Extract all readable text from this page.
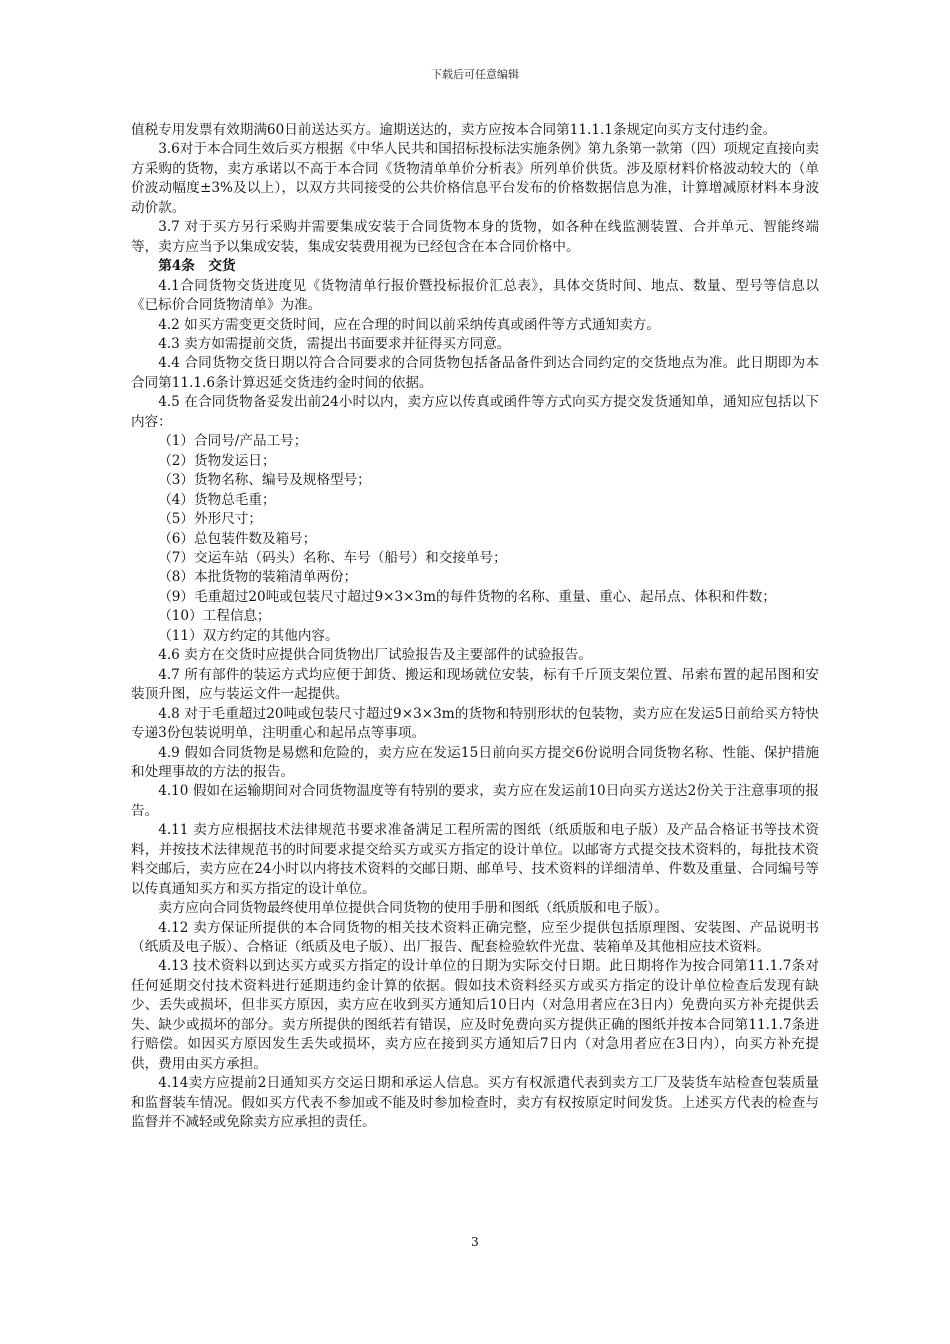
下载后可任意编辑

值税专用发票有效期满60日前送达买方。逾期送达的，卖方应按本合同第11.1.1条规定向买方支付违约金。

3.6对于本合同生效后买方根据《中华人民共和国招标投标法实施条例》第九条第一款第（四）项规定直接向卖方采购的货物，卖方承诺以不高于本合同《货物清单单价分析表》所列单价供货。涉及原材料价格波动较大的（单价波动幅度±3%及以上），以双方共同接受的公共价格信息平台发布的价格数据信息为准，计算增减原材料本身波动价款。

3.7 对于买方另行采购并需要集成安装于合同货物本身的货物，如各种在线监测装置、合并单元、智能终端等，卖方应当予以集成安装，集成安装费用视为已经包含在本合同价格中。

第4条　交货

4.1合同货物交货进度见《货物清单行报价暨投标报价汇总表》，具体交货时间、地点、数量、型号等信息以《已标价合同货物清单》为准。

4.2 如买方需变更交货时间，应在合理的时间以前采纳传真或函件等方式通知卖方。

4.3 卖方如需提前交货，需提出书面要求并征得买方同意。

4.4 合同货物交货日期以符合合同要求的合同货物包括备品备件到达合同约定的交货地点为准。此日期即为本合同第11.1.6条计算迟延交货违约金时间的依据。

4.5 在合同货物备妥发出前24小时以内，卖方应以传真或函件等方式向买方提交发货通知单，通知应包括以下内容：

（1）合同号/产品工号；

（2）货物发运日；

（3）货物名称、编号及规格型号；

（4）货物总毛重；

（5）外形尺寸；

（6）总包装件数及箱号；

（7）交运车站（码头）名称、车号（船号）和交接单号；

（8）本批货物的装箱清单两份；

（9）毛重超过20吨或包装尺寸超过9×3×3m的每件货物的名称、重量、重心、起吊点、体积和件数；

（10）工程信息；

（11）双方约定的其他内容。

4.6 卖方在交货时应提供合同货物出厂试验报告及主要部件的试验报告。

4.7 所有部件的装运方式均应便于卸货、搬运和现场就位安装，标有千斤顶支架位置、吊索布置的起吊图和安装顶升图，应与装运文件一起提供。

4.8 对于毛重超过20吨或包装尺寸超过9×3×3m的货物和特别形状的包装物，卖方应在发运5日前给买方特快专递3份包装说明单，注明重心和起吊点等事项。

4.9 假如合同货物是易燃和危险的，卖方应在发运15日前向买方提交6份说明合同货物名称、性能、保护措施和处理事故的方法的报告。

4.10 假如在运输期间对合同货物温度等有特别的要求，卖方应在发运前10日向买方送达2份关于注意事项的报告。

4.11 卖方应根据技术法律规范书要求准备满足工程所需的图纸（纸质版和电子版）及产品合格证书等技术资料，并按技术法律规范书的时间要求提交给买方或买方指定的设计单位。以邮寄方式提交技术资料的，每批技术资料交邮后，卖方应在24小时以内将技术资料的交邮日期、邮单号、技术资料的详细清单、件数及重量、合同编号等以传真通知买方和买方指定的设计单位。

卖方应向合同货物最终使用单位提供合同货物的使用手册和图纸（纸质版和电子版）。

4.12 卖方保证所提供的本合同货物的相关技术资料正确完整，应至少提供包括原理图、安装图、产品说明书（纸质及电子版）、合格证（纸质及电子版）、出厂报告、配套检验软件光盘、装箱单及其他相应技术资料。

4.13 技术资料以到达买方或买方指定的设计单位的日期为实际交付日期。此日期将作为按合同第11.1.7条对任何延期交付技术资料进行延期违约金计算的依据。假如技术资料经买方或买方指定的设计单位检查后发现有缺少、丢失或损坏，但非买方原因，卖方应在收到买方通知后10日内（对急用者应在3日内）免费向买方补充提供丢失、缺少或损坏的部分。卖方所提供的图纸若有错误，应及时免费向买方提供正确的图纸并按本合同第11.1.7条进行赔偿。如因买方原因发生丢失或损坏，卖方应在接到买方通知后7日内（对急用者应在3日内），向买方补充提供，费用由买方承担。

4.14卖方应提前2日通知买方交运日期和承运人信息。买方有权派遣代表到卖方工厂及装货车站检查包装质量和监督装车情况。假如买方代表不参加或不能及时参加检查时，卖方有权按原定时间发货。上述买方代表的检查与监督并不减轻或免除卖方应承担的责任。

3
